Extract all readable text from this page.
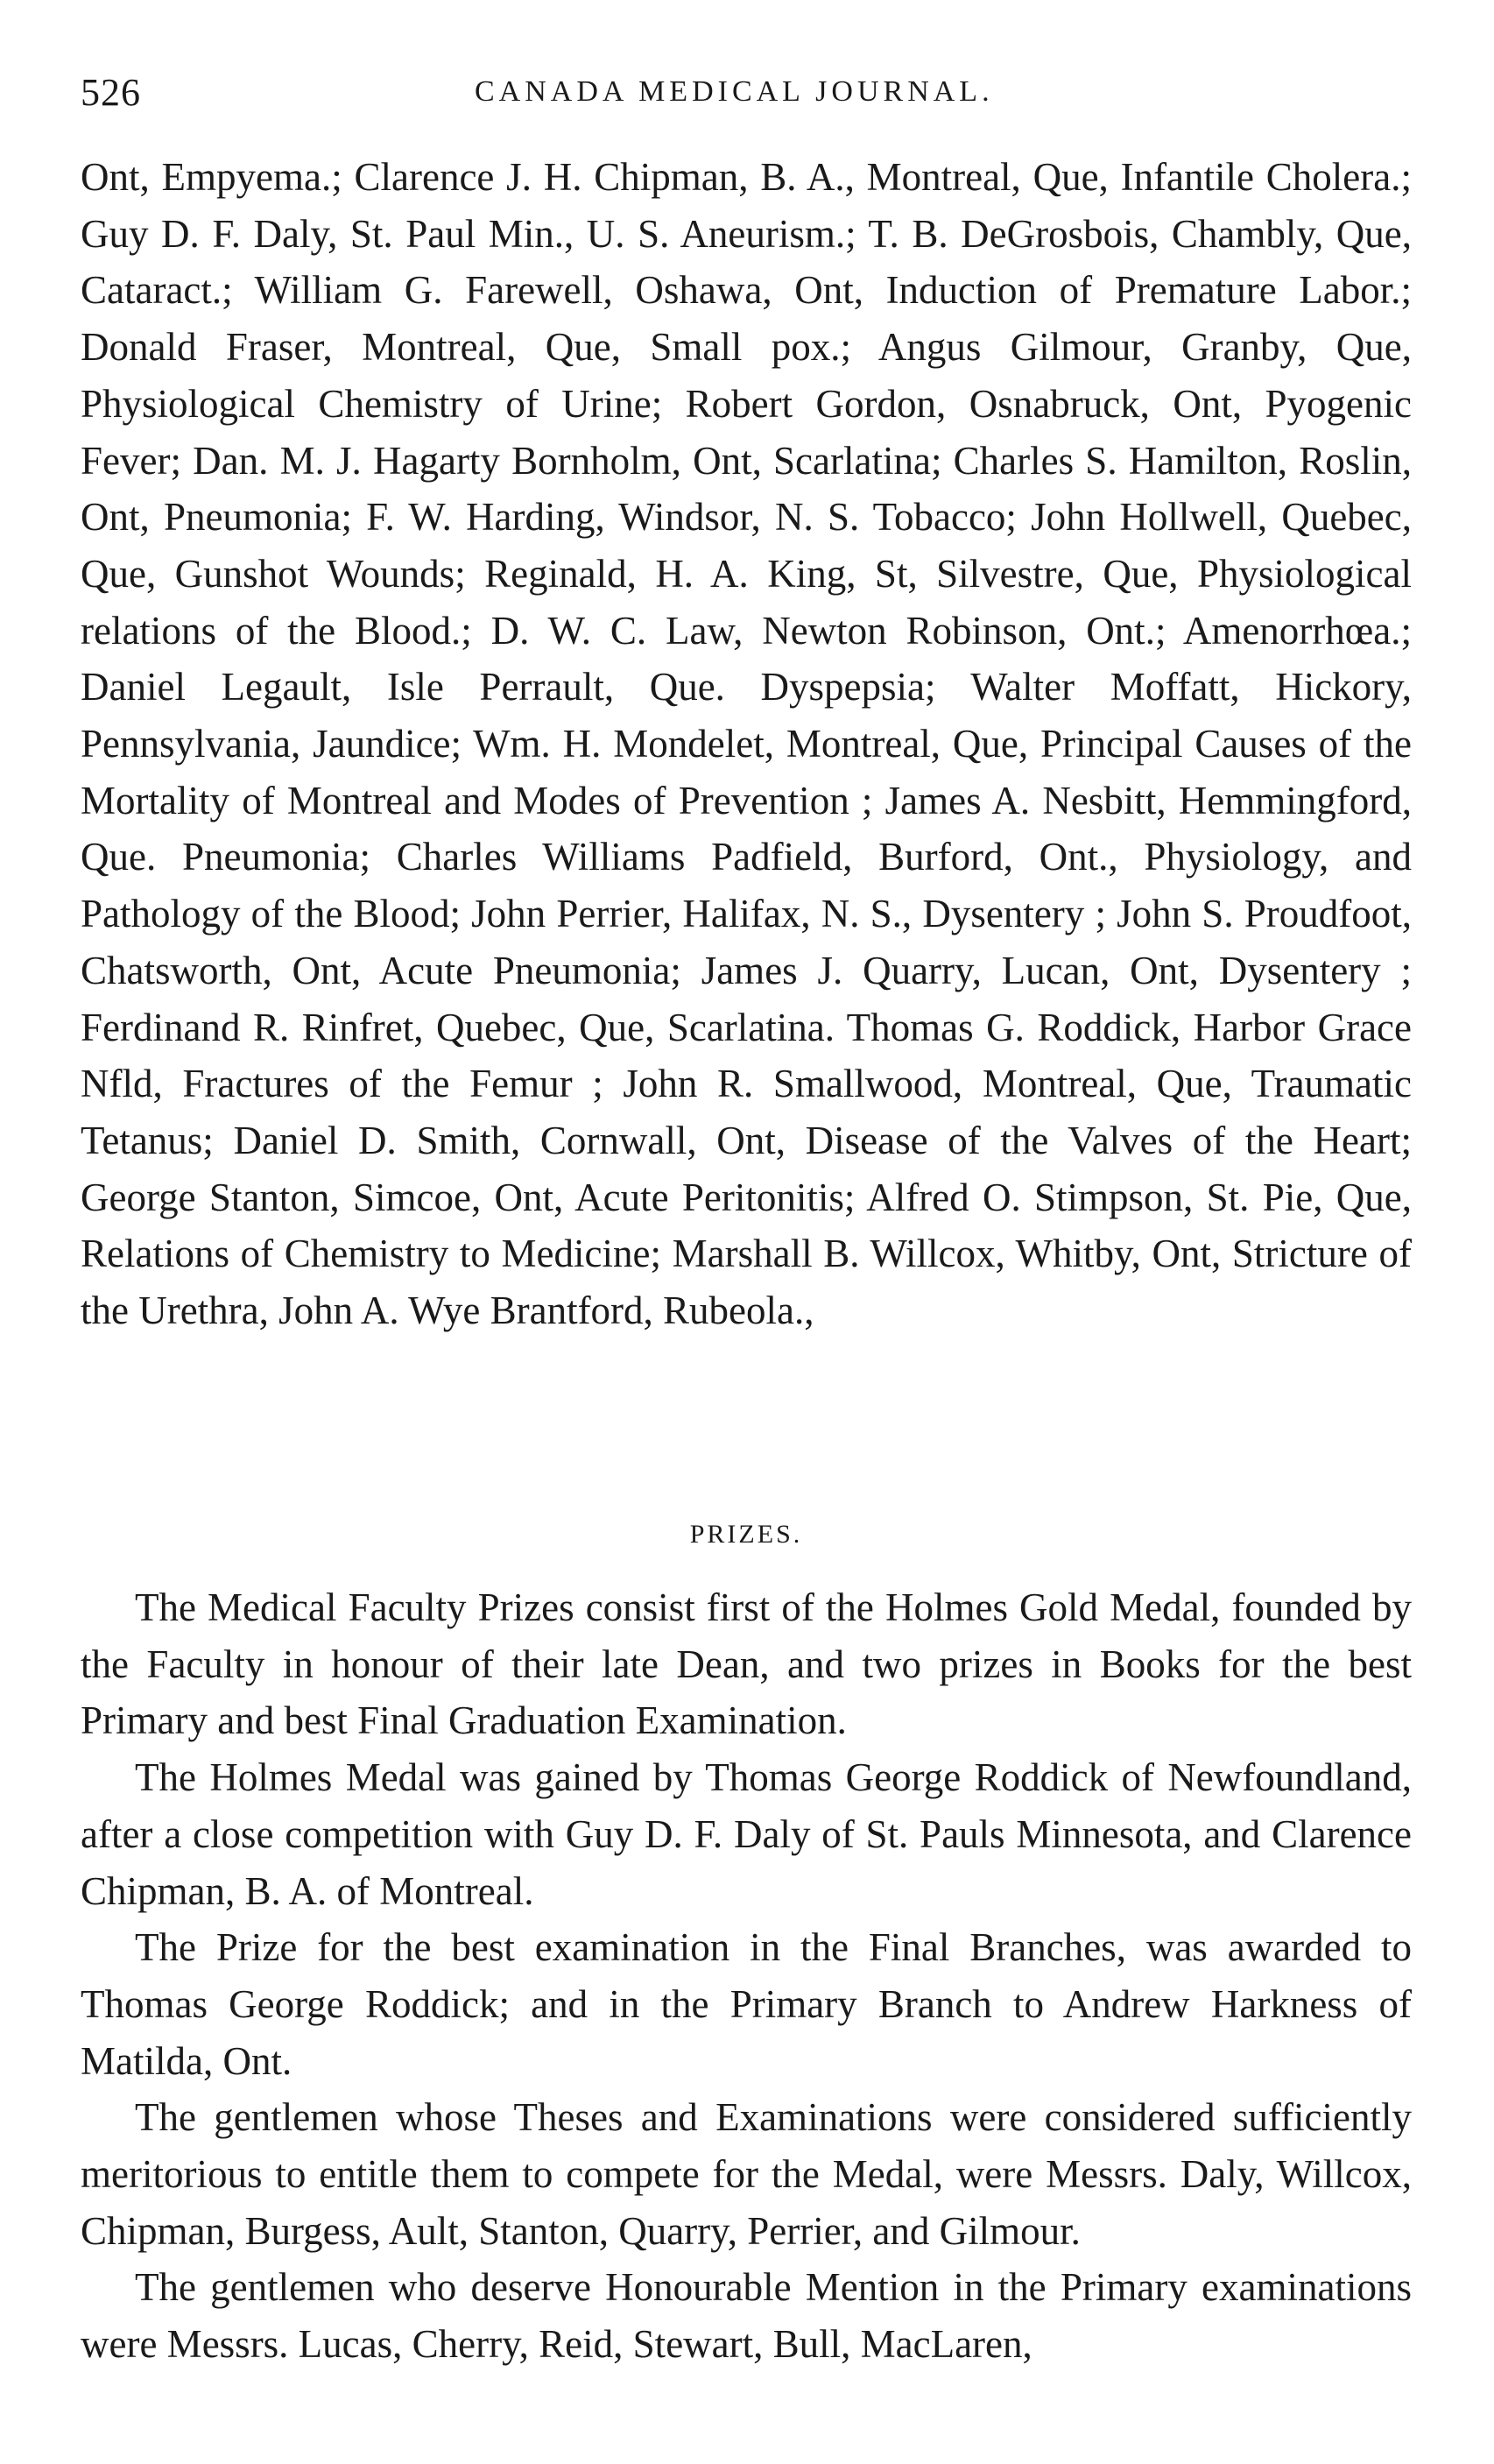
526	CANADA MEDICAL JOURNAL.

Ont, Empyema.; Clarence J. H. Chipman, B. A., Montreal, Que, Infantile Cholera.; Guy D. F. Daly, St. Paul Min., U. S. Aneurism.; T. B. DeGrosbois, Chambly, Que, Cataract.; William G. Farewell, Oshawa, Ont, Induction of Premature Labor.; Donald Fraser, Montreal, Que, Small pox.; Angus Gilmour, Granby, Que, Physiological Chemistry of Urine; Robert Gordon, Osnabruck, Ont, Pyogenic Fever; Dan. M. J. Hagarty Bornholm, Ont, Scarlatina; Charles S. Hamilton, Roslin, Ont, Pneumonia; F. W. Harding, Windsor, N. S. Tobacco; John Hollwell, Quebec, Que, Gunshot Wounds; Reginald, H. A. King, St, Silvestre, Que, Physiological relations of the Blood.; D. W. C. Law, Newton Robinson, Ont.; Amenorrhœa.; Daniel Legault, Isle Perrault, Que. Dyspepsia; Walter Moffatt, Hickory, Pennsylvania, Jaundice; Wm. H. Mondelet, Montreal, Que, Principal Causes of the Mortality of Montreal and Modes of Prevention ; James A. Nesbitt, Hemmingford, Que. Pneumonia; Charles Williams Padfield, Burford, Ont., Physiology, and Pathology of the Blood; John Perrier, Halifax, N. S., Dysentery ; John S. Proudfoot, Chatsworth, Ont, Acute Pneumonia; James J. Quarry, Lucan, Ont, Dysentery ; Ferdinand R. Rinfret, Quebec, Que, Scarlatina. Thomas G. Roddick, Harbor Grace Nfld, Fractures of the Femur ; John R. Smallwood, Montreal, Que, Traumatic Tetanus; Daniel D. Smith, Cornwall, Ont, Disease of the Valves of the Heart; George Stanton, Simcoe, Ont, Acute Peritonitis; Alfred O. Stimpson, St. Pie, Que, Relations of Chemistry to Medicine; Marshall B. Willcox, Whitby, Ont, Stricture of the Urethra, John A. Wye Brantford, Rubeola.,

PRIZES.

The Medical Faculty Prizes consist first of the Holmes Gold Medal, founded by the Faculty in honour of their late Dean, and two prizes in Books for the best Primary and best Final Graduation Examination.

The Holmes Medal was gained by Thomas George Roddick of Newfoundland, after a close competition with Guy D. F. Daly of St. Pauls Minnesota, and Clarence Chipman, B. A. of Montreal.

The Prize for the best examination in the Final Branches, was awarded to Thomas George Roddick; and in the Primary Branch to Andrew Harkness of Matilda, Ont.

The gentlemen whose Theses and Examinations were considered sufficiently meritorious to entitle them to compete for the Medal, were Messrs. Daly, Willcox, Chipman, Burgess, Ault, Stanton, Quarry, Perrier, and Gilmour.

The gentlemen who deserve Honourable Mention in the Primary examinations were Messrs. Lucas, Cherry, Reid, Stewart, Bull, MacLaren,
